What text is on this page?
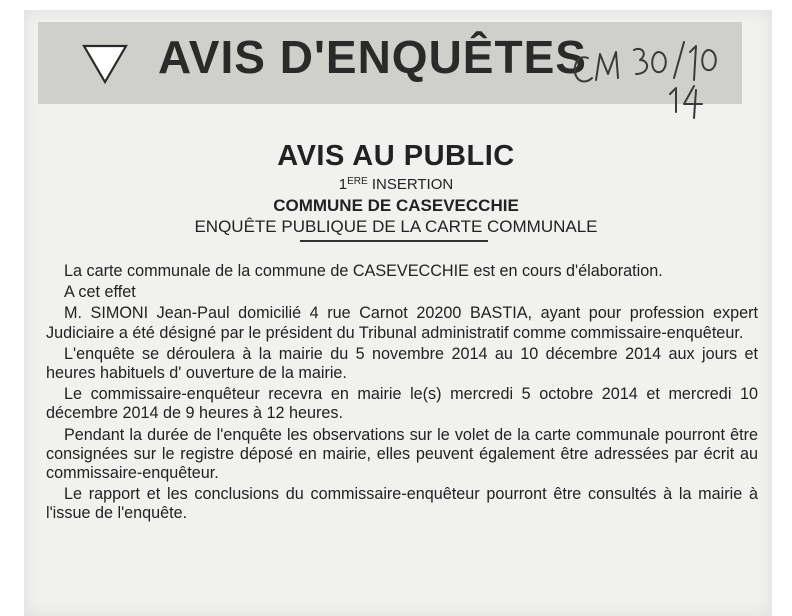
AVIS D'ENQUÊTES
AVIS AU PUBLIC
1ERE INSERTION
COMMUNE DE CASEVECCHIE
ENQUÊTE PUBLIQUE DE LA CARTE COMMUNALE

La carte communale de la commune de CASEVECCHIE est en cours d'élaboration.

A cet effet

M. SIMONI Jean-Paul domicilié 4 rue Carnot 20200 BASTIA, ayant pour profession expert Judiciaire a été désigné par le président du Tribunal administratif comme commissaire-enquêteur.

L'enquête se déroulera à la mairie du 5 novembre 2014 au 10 décembre 2014 aux jours et heures habituels d' ouverture de la mairie.

Le commissaire-enquêteur recevra en mairie le(s) mercredi 5 octobre 2014 et mercredi 10 décembre 2014 de 9 heures à 12 heures.

Pendant la durée de l'enquête les observations sur le volet de la carte communale pourront être consignées sur le registre déposé en mairie, elles peuvent également être adressées par écrit au commissaire-enquêteur.

Le rapport et les conclusions du commissaire-enquêteur pourront être consultés à la mairie à l'issue de l'enquête.
